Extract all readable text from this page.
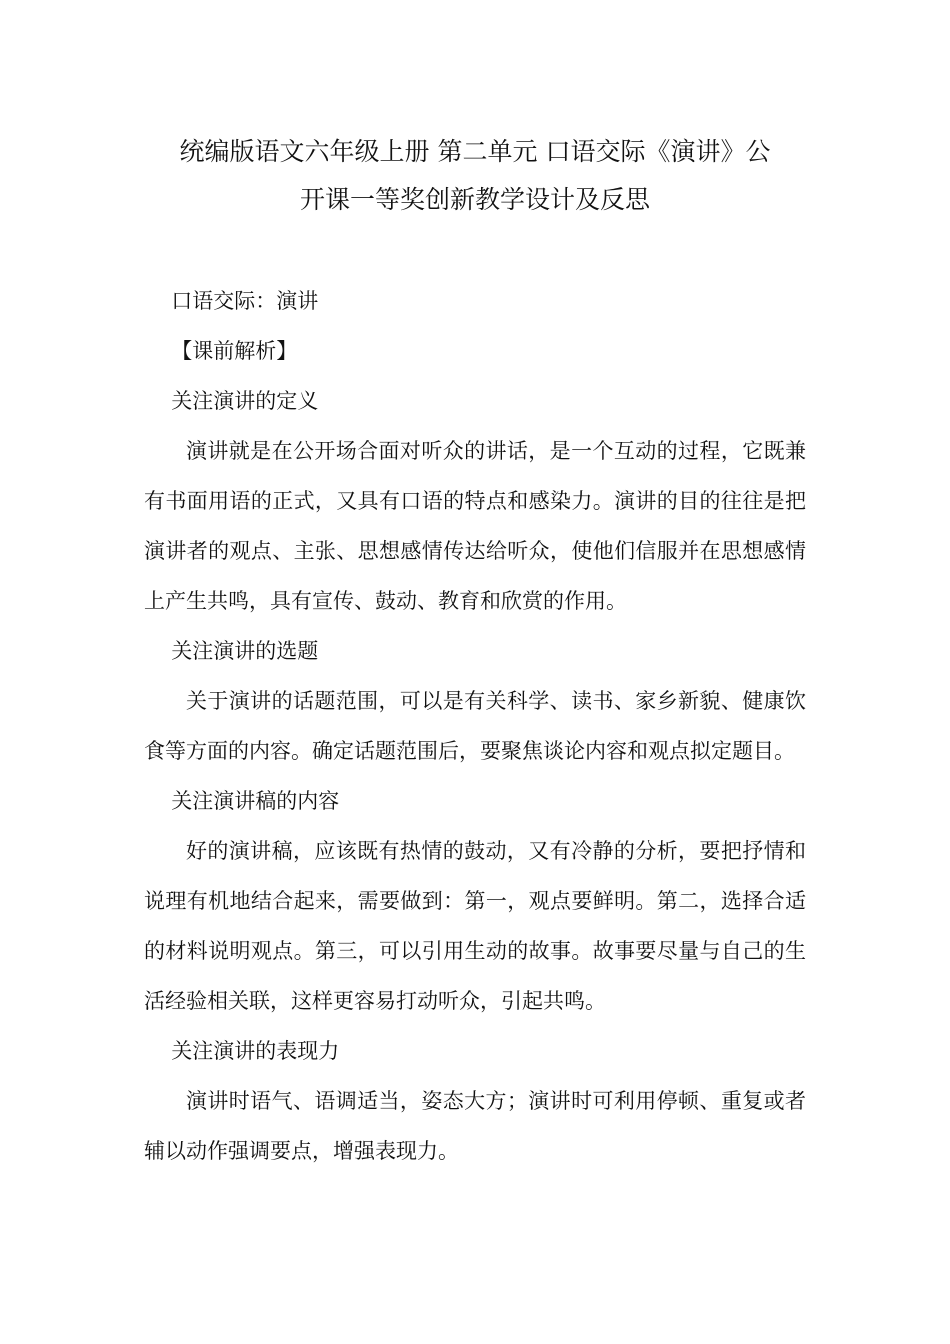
统编版语文六年级上册 第二单元 口语交际《演讲》公
开课一等奖创新教学设计及反思

口语交际：演讲

【课前解析】

关注演讲的定义

演讲就是在公开场合面对听众的讲话，是一个互动的过程，它既兼有书面用语的正式，又具有口语的特点和感染力。演讲的目的往往是把演讲者的观点、主张、思想感情传达给听众，使他们信服并在思想感情上产生共鸣，具有宣传、鼓动、教育和欣赏的作用。

关注演讲的选题

关于演讲的话题范围，可以是有关科学、读书、家乡新貌、健康饮食等方面的内容。确定话题范围后，要聚焦谈论内容和观点拟定题目。

关注演讲稿的内容

好的演讲稿，应该既有热情的鼓动，又有冷静的分析，要把抒情和说理有机地结合起来，需要做到：第一，观点要鲜明。第二，选择合适的材料说明观点。第三，可以引用生动的故事。故事要尽量与自己的生活经验相关联，这样更容易打动听众，引起共鸣。

关注演讲的表现力

演讲时语气、语调适当，姿态大方；演讲时可利用停顿、重复或者辅以动作强调要点，增强表现力。
